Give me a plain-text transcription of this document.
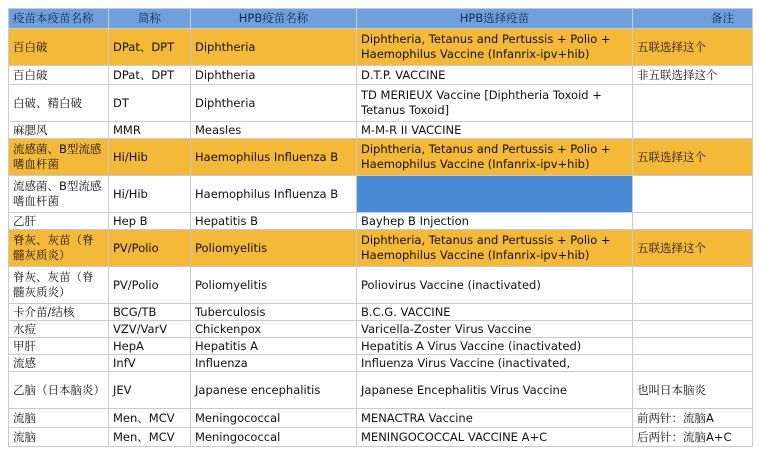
疫苗本疫苗名称	简称	HPB疫苗名称	HPB选择疫苗	备注
百白破	DPat、DPT	Diphtheria	Diphtheria, Tetanus and Pertussis + Polio + Haemophilus Vaccine (Infanrix-ipv+hib)	五联选择这个
百白破	DPat、DPT	Diphtheria	D.T.P. VACCINE	非五联选择这个
白破、精白破	DT	Diphtheria	TD MERIEUX Vaccine [Diphtheria Toxoid + Tetanus Toxoid]	
麻腮风	MMR	Measles	M-M-R II VACCINE	
流感菌、B型流感嗜血杆菌	Hi/Hib	Haemophilus Influenza B	Diphtheria, Tetanus and Pertussis + Polio + Haemophilus Vaccine (Infanrix-ipv+hib)	五联选择这个
流感菌、B型流感嗜血杆菌	Hi/Hib	Haemophilus Influenza B		
乙肝	Hep B	Hepatitis B	Bayhep B Injection	
脊灰、灰苗（脊髓灰质炎）	PV/Polio	Poliomyelitis	Diphtheria, Tetanus and Pertussis + Polio + Haemophilus Vaccine (Infanrix-ipv+hib)	五联选择这个
脊灰、灰苗（脊髓灰质炎）	PV/Polio	Poliomyelitis	Poliovirus Vaccine (inactivated)	
卡介苗/结核	BCG/TB	Tuberculosis	B.C.G. VACCINE	
水痘	VZV/VarV	Chickenpox	Varicella-Zoster Virus Vaccine	
甲肝	HepA	Hepatitis A	Hepatitis A Virus Vaccine (inactivated)	
流感	InfV	Influenza	Influenza Virus Vaccine (inactivated,	
乙脑（日本脑炎）	JEV	Japanese encephalitis	Japanese Encephalitis Virus Vaccine	也叫日本脑炎
流脑	Men、MCV	Meningococcal	MENACTRA Vaccine	前两针：流脑A
流脑	Men、MCV	Meningococcal	MENINGOCOCCAL VACCINE A+C	后两针：流脑A+C
